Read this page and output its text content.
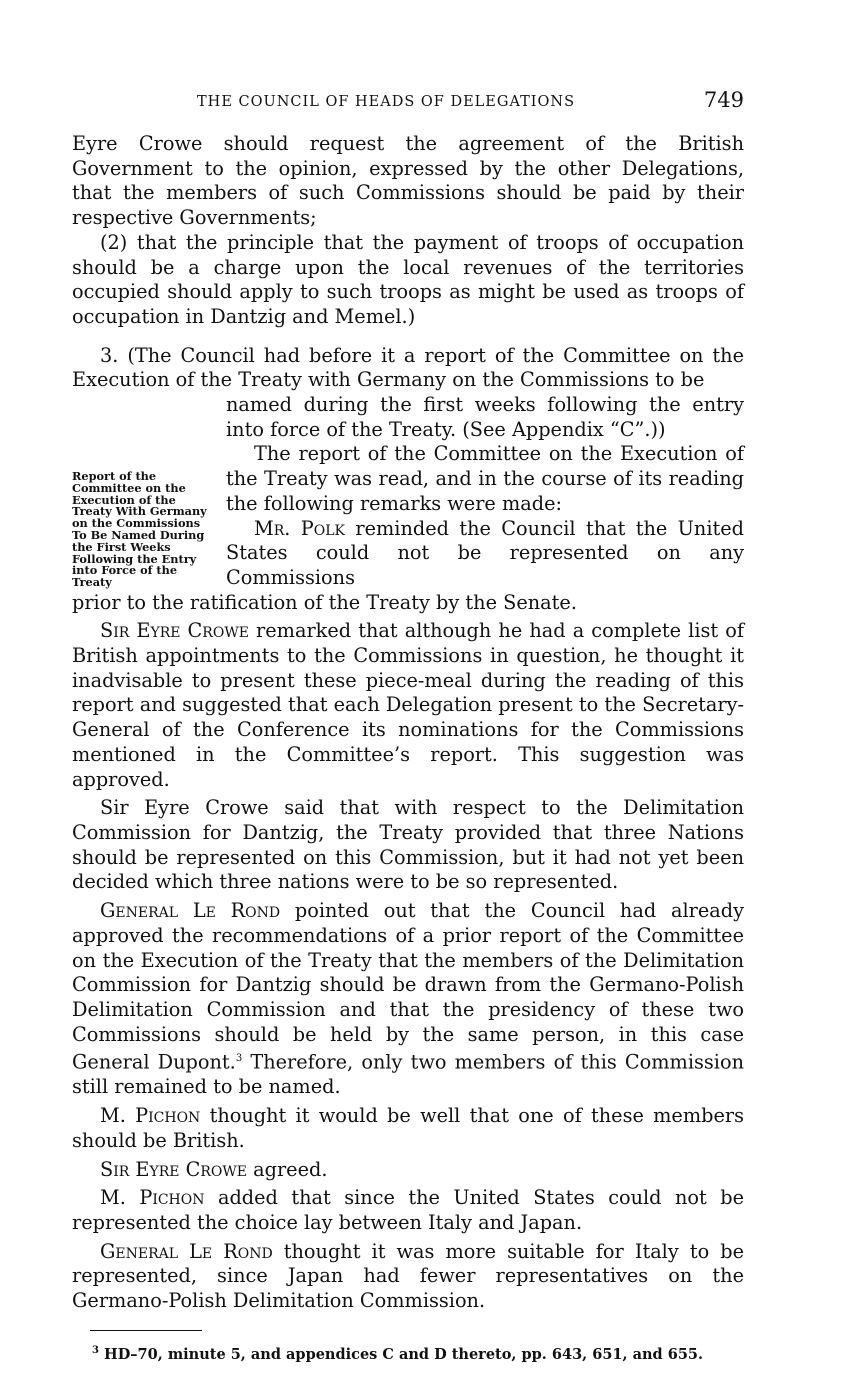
THE COUNCIL OF HEADS OF DELEGATIONS	749

Eyre Crowe should request the agreement of the British Government to the opinion, expressed by the other Delegations, that the members of such Commissions should be paid by their respective Governments;

(2) that the principle that the payment of troops of occupation should be a charge upon the local revenues of the territories occupied should apply to such troops as might be used as troops of occupation in Dantzig and Memel.)

3. (The Council had before it a report of the Committee on the Execution of the Treaty with Germany on the Commissions to be

Report of the Committee on the Execution of the Treaty With Germany on the Commissions To Be Named During the First Weeks Following the Entry into Force of the Treaty

named during the first weeks following the entry into force of the Treaty. (See Appendix “C”.))

The report of the Committee on the Execution of the Treaty was read, and in the course of its reading the following remarks were made:

Mr. Polk reminded the Council that the United States could not be represented on any Commissions

prior to the ratification of the Treaty by the Senate.

Sir Eyre Crowe remarked that although he had a complete list of British appointments to the Commissions in question, he thought it inadvisable to present these piece-meal during the reading of this report and suggested that each Delegation present to the Secretary-General of the Conference its nominations for the Commissions mentioned in the Committee’s report. This suggestion was approved.

Sir Eyre Crowe said that with respect to the Delimitation Commission for Dantzig, the Treaty provided that three Nations should be represented on this Commission, but it had not yet been decided which three nations were to be so represented.

General Le Rond pointed out that the Council had already approved the recommendations of a prior report of the Committee on the Execution of the Treaty that the members of the Delimitation Commission for Dantzig should be drawn from the Germano-Polish Delimitation Commission and that the presidency of these two Commissions should be held by the same person, in this case General Dupont.$^3$ Therefore, only two members of this Commission still remained to be named.

M. Pichon thought it would be well that one of these members should be British.

Sir Eyre Crowe agreed.

M. Pichon added that since the United States could not be represented the choice lay between Italy and Japan.

General Le Rond thought it was more suitable for Italy to be represented, since Japan had fewer representatives on the Germano-Polish Delimitation Commission.

$^3$ HD–70, minute 5, and appendices C and D thereto, pp. 643, 651, and 655.
